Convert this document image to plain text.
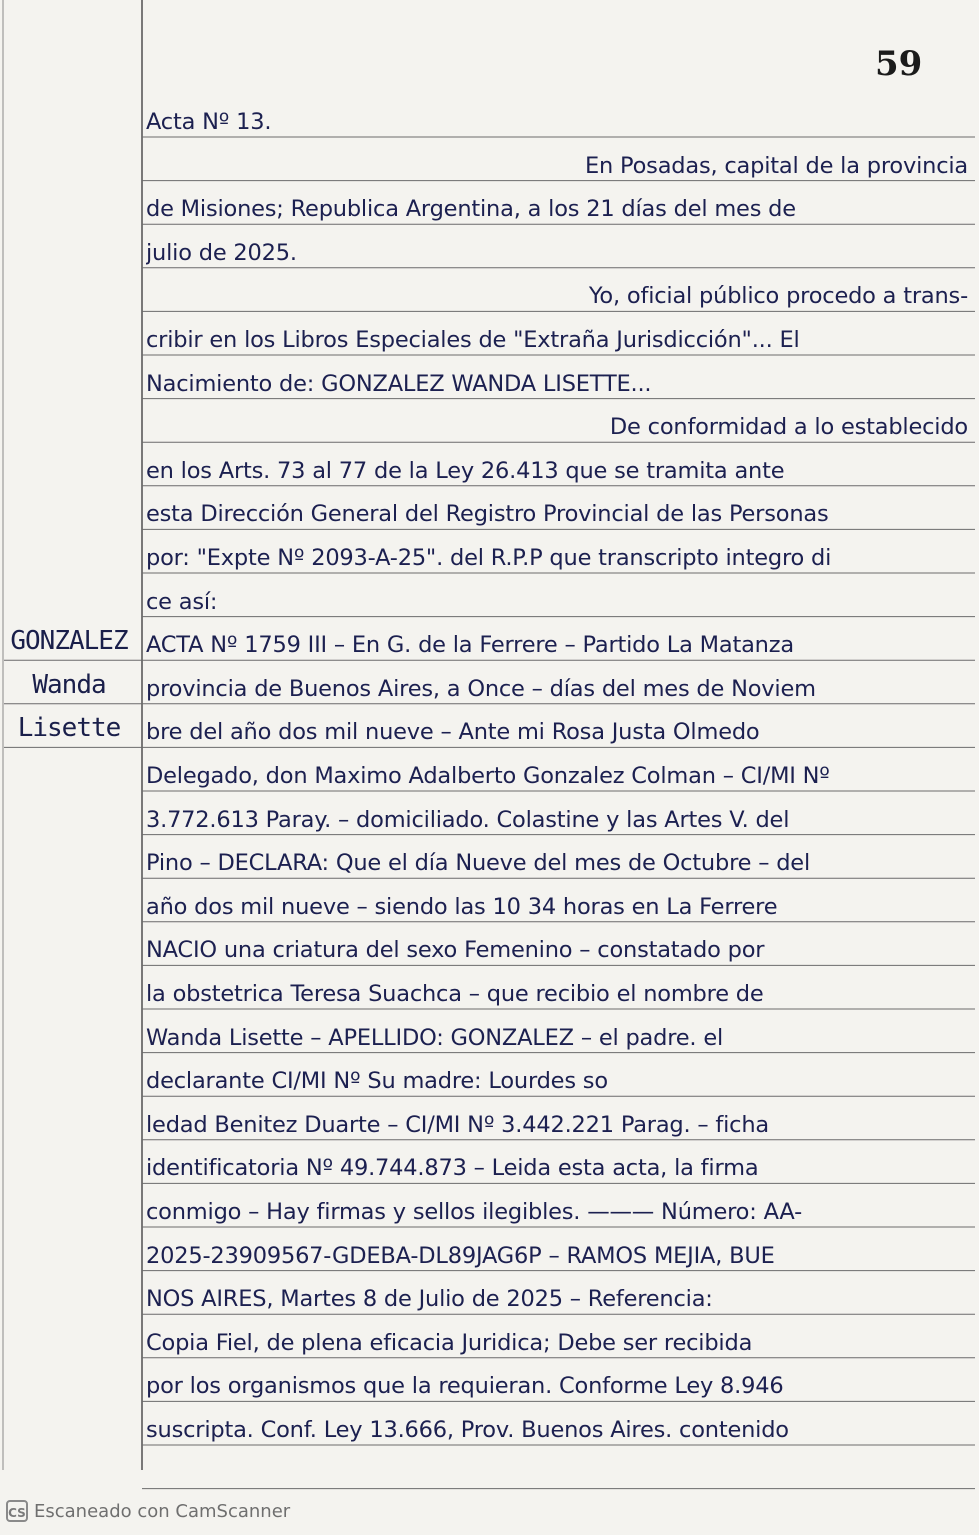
59
GONZALEZ
Wanda
Lisette
Acta Nº 13.
En Posadas, capital de la provincia
de Misiones; Republica Argentina, a los 21 días del mes de
julio de 2025.
Yo, oficial público procedo a trans-
cribir en los Libros Especiales de "Extraña Jurisdicción"... El
Nacimiento de: GONZALEZ WANDA LISETTE...
De conformidad a lo establecido
en los Arts. 73 al 77 de la Ley 26.413 que se tramita ante
esta Dirección General del Registro Provincial de las Personas
por: "Expte Nº 2093-A-25". del R.P.P que transcripto integro di
ce así:
ACTA Nº 1759 III – En G. de la Ferrere – Partido La Matanza
provincia de Buenos Aires, a Once – días del mes de Noviem
bre del año dos mil nueve – Ante mi Rosa Justa Olmedo
Delegado, don Maximo Adalberto Gonzalez Colman – CI/MI Nº
3.772.613 Paray. – domiciliado. Colastine y las Artes V. del
Pino – DECLARA: Que el día Nueve del mes de Octubre – del
año dos mil nueve – siendo las 10 34 horas en La Ferrere
NACIO una criatura del sexo Femenino – constatado por
la obstetrica Teresa Suachca – que recibio el nombre de
Wanda Lisette – APELLIDO: GONZALEZ – el padre. el
declarante CI/MI Nº Su madre: Lourdes so
ledad Benitez Duarte – CI/MI Nº 3.442.221 Parag. – ficha
identificatoria Nº 49.744.873 – Leida esta acta, la firma
conmigo – Hay firmas y sellos ilegibles. ——— Número: AA-
2025-23909567-GDEBA-DL89JAG6P – RAMOS MEJIA, BUE
NOS AIRES, Martes 8 de Julio de 2025 – Referencia:
Copia Fiel, de plena eficacia Juridica; Debe ser recibida
por los organismos que la requieran. Conforme Ley 8.946
suscripta. Conf. Ley 13.666, Prov. Buenos Aires. contenido
CS Escaneado con CamScanner
